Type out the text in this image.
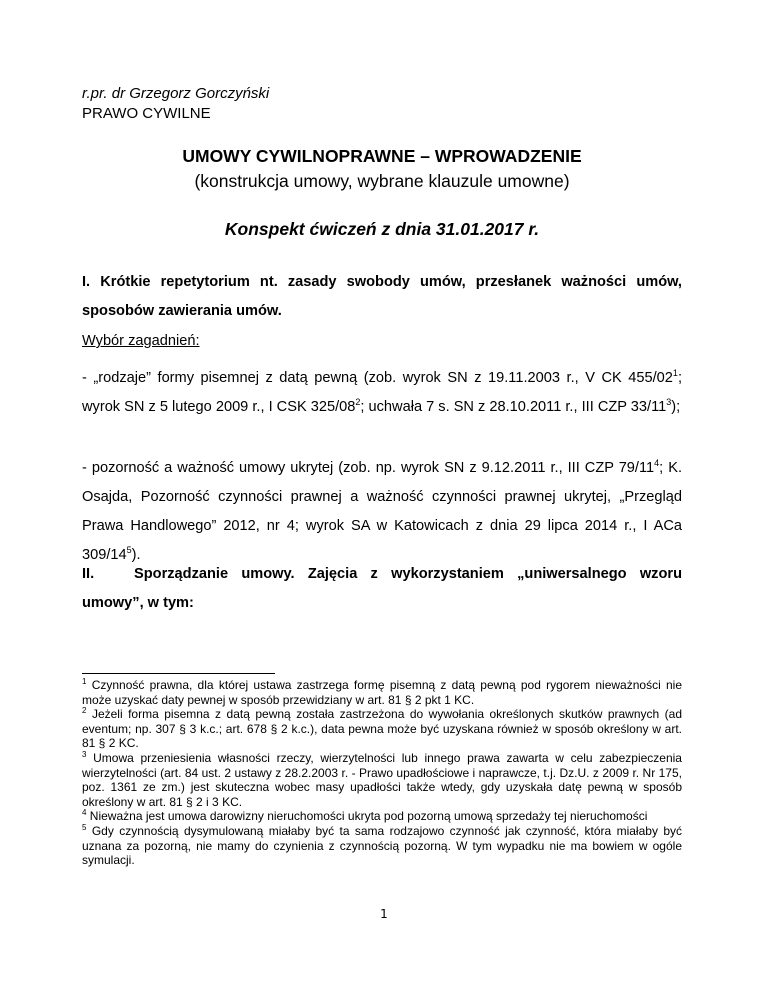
r.pr. dr Grzegorz Gorczyński
PRAWO CYWILNE
UMOWY CYWILNOPRAWNE – WPROWADZENIE
(konstrukcja umowy, wybrane klauzule umowne)
Konspekt ćwiczeń z dnia 31.01.2017 r.
I. Krótkie repetytorium nt. zasady swobody umów, przesłanek ważności umów, sposobów zawierania umów.
Wybór zagadnień:
- „rodzaje” formy pisemnej z datą pewną (zob. wyrok SN z 19.11.2003 r., V CK $455/02^1$; wyrok SN z 5 lutego 2009 r., I CSK $325/08^2$; uchwała 7 s. SN z 28.10.2011 r., III CZP $33/11^3$);
- pozorność a ważność umowy ukrytej (zob. np. wyrok SN z 9.12.2011 r., III CZP $79/11^4$; K. Osajda, Pozorność czynności prawnej a ważność czynności prawnej ukrytej, „Przegląd Prawa Handlowego” 2012, nr 4; wyrok SA w Katowicach z dnia 29 lipca 2014 r., I ACa $309/14^5$).
II.	Sporządzanie umowy. Zajęcia z wykorzystaniem „uniwersalnego wzoru umowy”, w tym:

$^1$ Czynność prawna, dla której ustawa zastrzega formę pisemną z datą pewną pod rygorem nieważności nie może uzyskać daty pewnej w sposób przewidziany w art. 81 § 2 pkt 1 KC.

$^2$ Jeżeli forma pisemna z datą pewną została zastrzeżona do wywołania określonych skutków prawnych (ad eventum; np. 307 § 3 k.c.; art. 678 § 2 k.c.), data pewna może być uzyskana również w sposób określony w art. 81 § 2 KC.

$^3$ Umowa przeniesienia własności rzeczy, wierzytelności lub innego prawa zawarta w celu zabezpieczenia wierzytelności (art. 84 ust. 2 ustawy z 28.2.2003 r. - Prawo upadłościowe i naprawcze, t.j. Dz.U. z 2009 r. Nr 175, poz. 1361 ze zm.) jest skuteczna wobec masy upadłości także wtedy, gdy uzyskała datę pewną w sposób określony w art. 81 § 2 i 3 KC.

$^4$ Nieważna jest umowa darowizny nieruchomości ukryta pod pozorną umową sprzedaży tej nieruchomości

$^5$ Gdy czynnością dysymulowaną miałaby być ta sama rodzajowo czynność jak czynność, która miałaby być uznana za pozorną, nie mamy do czynienia z czynnością pozorną. W tym wypadku nie ma bowiem w ogóle symulacji.

1
